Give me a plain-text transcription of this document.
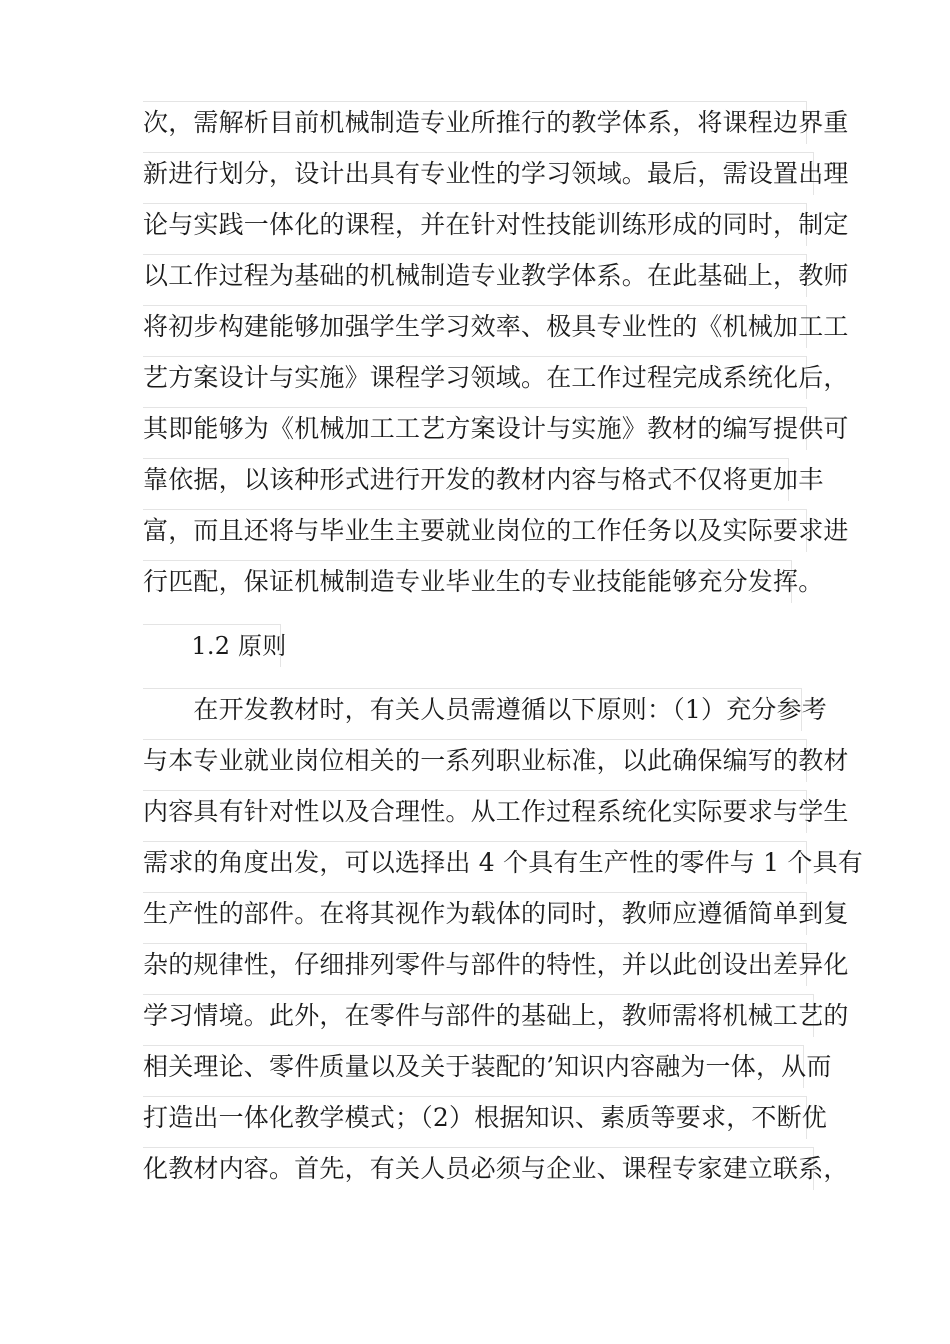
次，需解析目前机械制造专业所推行的教学体系，将课程边界重
新进行划分，设计出具有专业性的学习领域。最后，需设置出理
论与实践一体化的课程，并在针对性技能训练形成的同时，制定
以工作过程为基础的机械制造专业教学体系。在此基础上，教师
将初步构建能够加强学生学习效率、极具专业性的《机械加工工
艺方案设计与实施》课程学习领域。在工作过程完成系统化后，
其即能够为《机械加工工艺方案设计与实施》教材的编写提供可
靠依据，以该种形式进行开发的教材内容与格式不仅将更加丰
富，而且还将与毕业生主要就业岗位的工作任务以及实际要求进
行匹配，保证机械制造专业毕业生的专业技能能够充分发挥。
　　1.2 原则
　　在开发教材时，有关人员需遵循以下原则：（1）充分参考
与本专业就业岗位相关的一系列职业标准，以此确保编写的教材
内容具有针对性以及合理性。从工作过程系统化实际要求与学生
需求的角度出发，可以选择出 4 个具有生产性的零件与 1 个具有
生产性的部件。在将其视作为载体的同时，教师应遵循简单到复
杂的规律性，仔细排列零件与部件的特性，并以此创设出差异化
学习情境。此外，在零件与部件的基础上，教师需将机械工艺的
相关理论、零件质量以及关于装配的’知识内容融为一体，从而
打造出一体化教学模式；（2）根据知识、素质等要求，不断优
化教材内容。首先，有关人员必须与企业、课程专家建立联系，
